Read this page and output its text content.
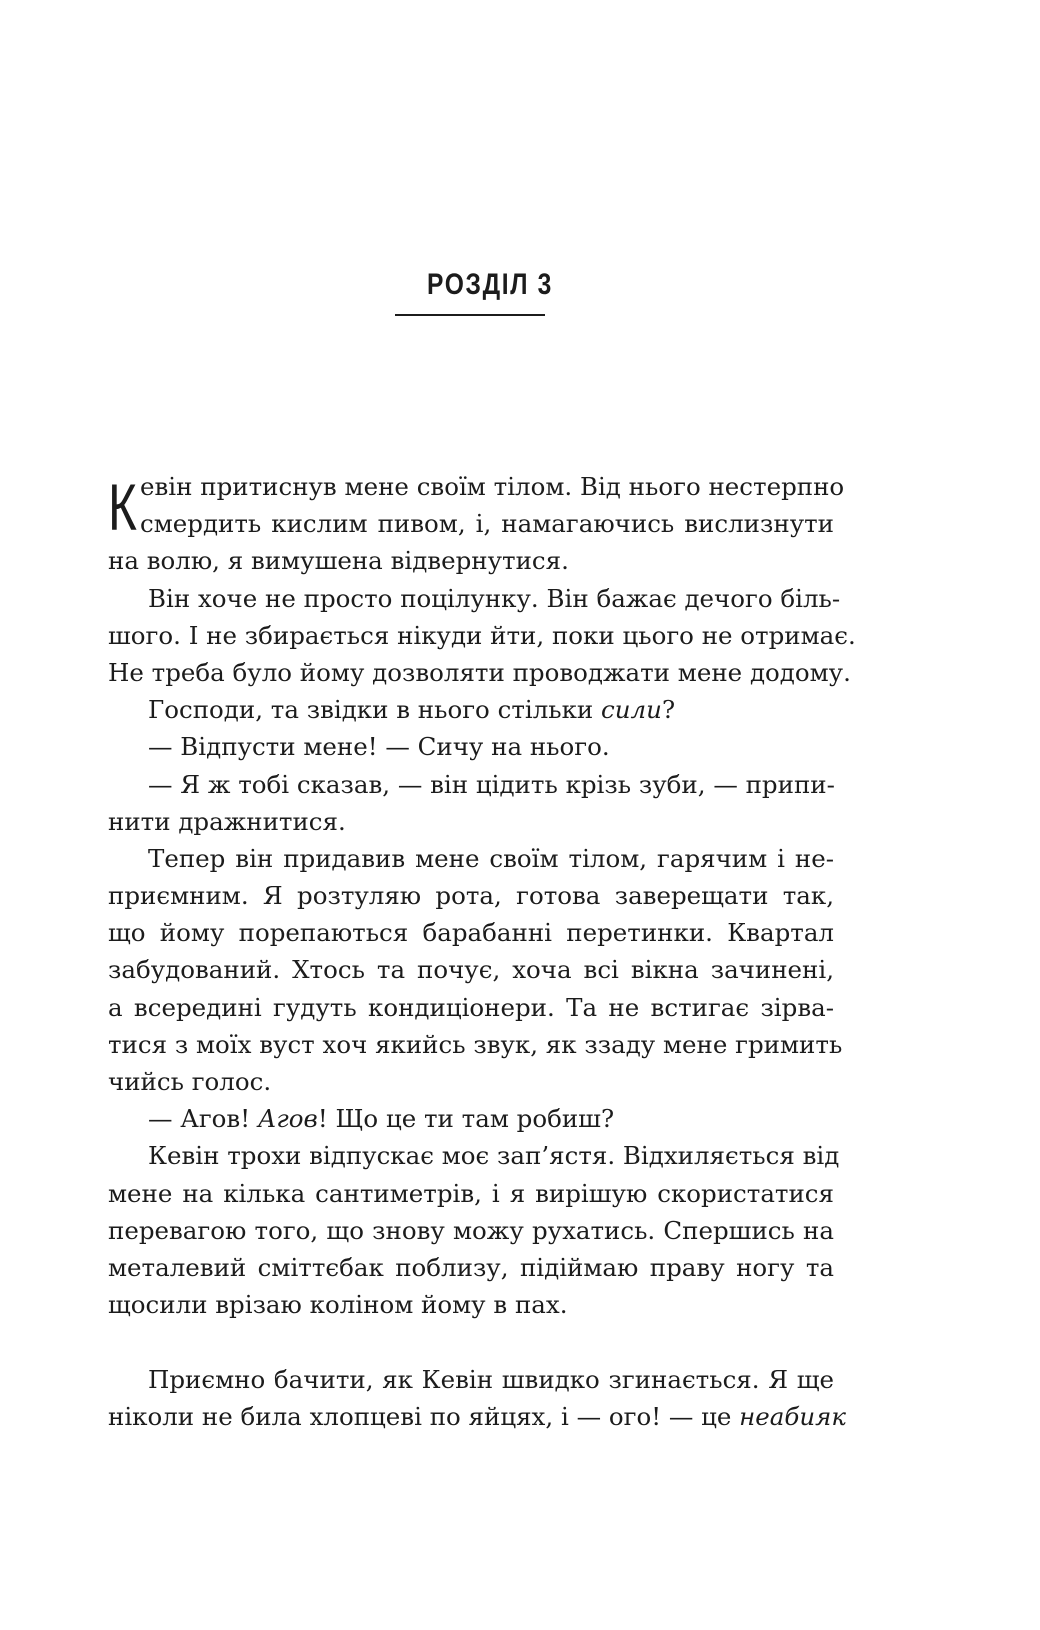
РОЗДІЛ 3
К евін притиснув мене своїм тілом. Від нього нестерпно
смердить кислим пивом, і, намагаючись вислизнути
на волю, я вимушена відвернутися.
Він хоче не просто поцілунку. Він бажає дечого біль-
шого. І не збирається нікуди йти, поки цього не отримає.
Не треба було йому дозволяти проводжати мене додому.
Господи, та звідки в нього стільки сили?
— Відпусти мене! — Сичу на нього.
— Я ж тобі сказав, — він цідить крізь зуби, — припи-
нити дражнитися.
Тепер він придавив мене своїм тілом, гарячим і не-
приємним. Я розтуляю рота, готова заверещати так,
що йому порепаються барабанні перетинки. Квартал
забудований. Хтось та почує, хоча всі вікна зачинені,
а всередині гудуть кондиціонери. Та не встигає зірва-
тися з моїх вуст хоч якийсь звук, як ззаду мене гримить
чийсь голос.
— Агов! Агов! Що це ти там робиш?
Кевін трохи відпускає моє зап’ястя. Відхиляється від
мене на кілька сантиметрів, і я вирішую скористатися
перевагою того, що знову можу рухатись. Спершись на
металевий сміттєбак поблизу, підіймаю праву ногу та
щосили врізаю коліном йому в пах.
Приємно бачити, як Кевін швидко згинається. Я ще
ніколи не била хлопцеві по яйцях, і — ого! — це неабияк
